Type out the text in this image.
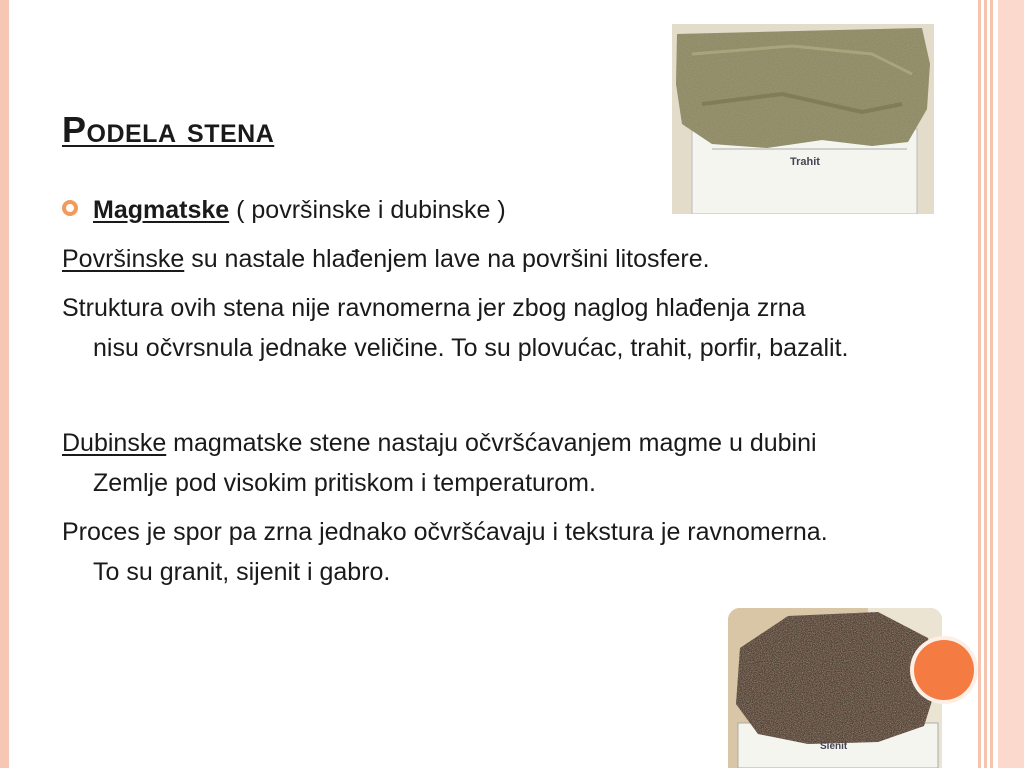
Trahit
Sienit
Podela stena
Magmatske ( površinske i dubinske )

Površinske su nastale hlađenjem lave na površini litosfere.

Struktura ovih stena nije ravnomerna jer zbog naglog hlađenja zrna nisu očvrsnula jednake veličine. To su plovućac, trahit, porfir, bazalit.

Dubinske magmatske stene nastaju očvršćavanjem magme u dubini Zemlje pod visokim pritiskom i temperaturom.

Proces je spor pa zrna jednako očvršćavaju i tekstura je ravnomerna. To su granit, sijenit i gabro.
